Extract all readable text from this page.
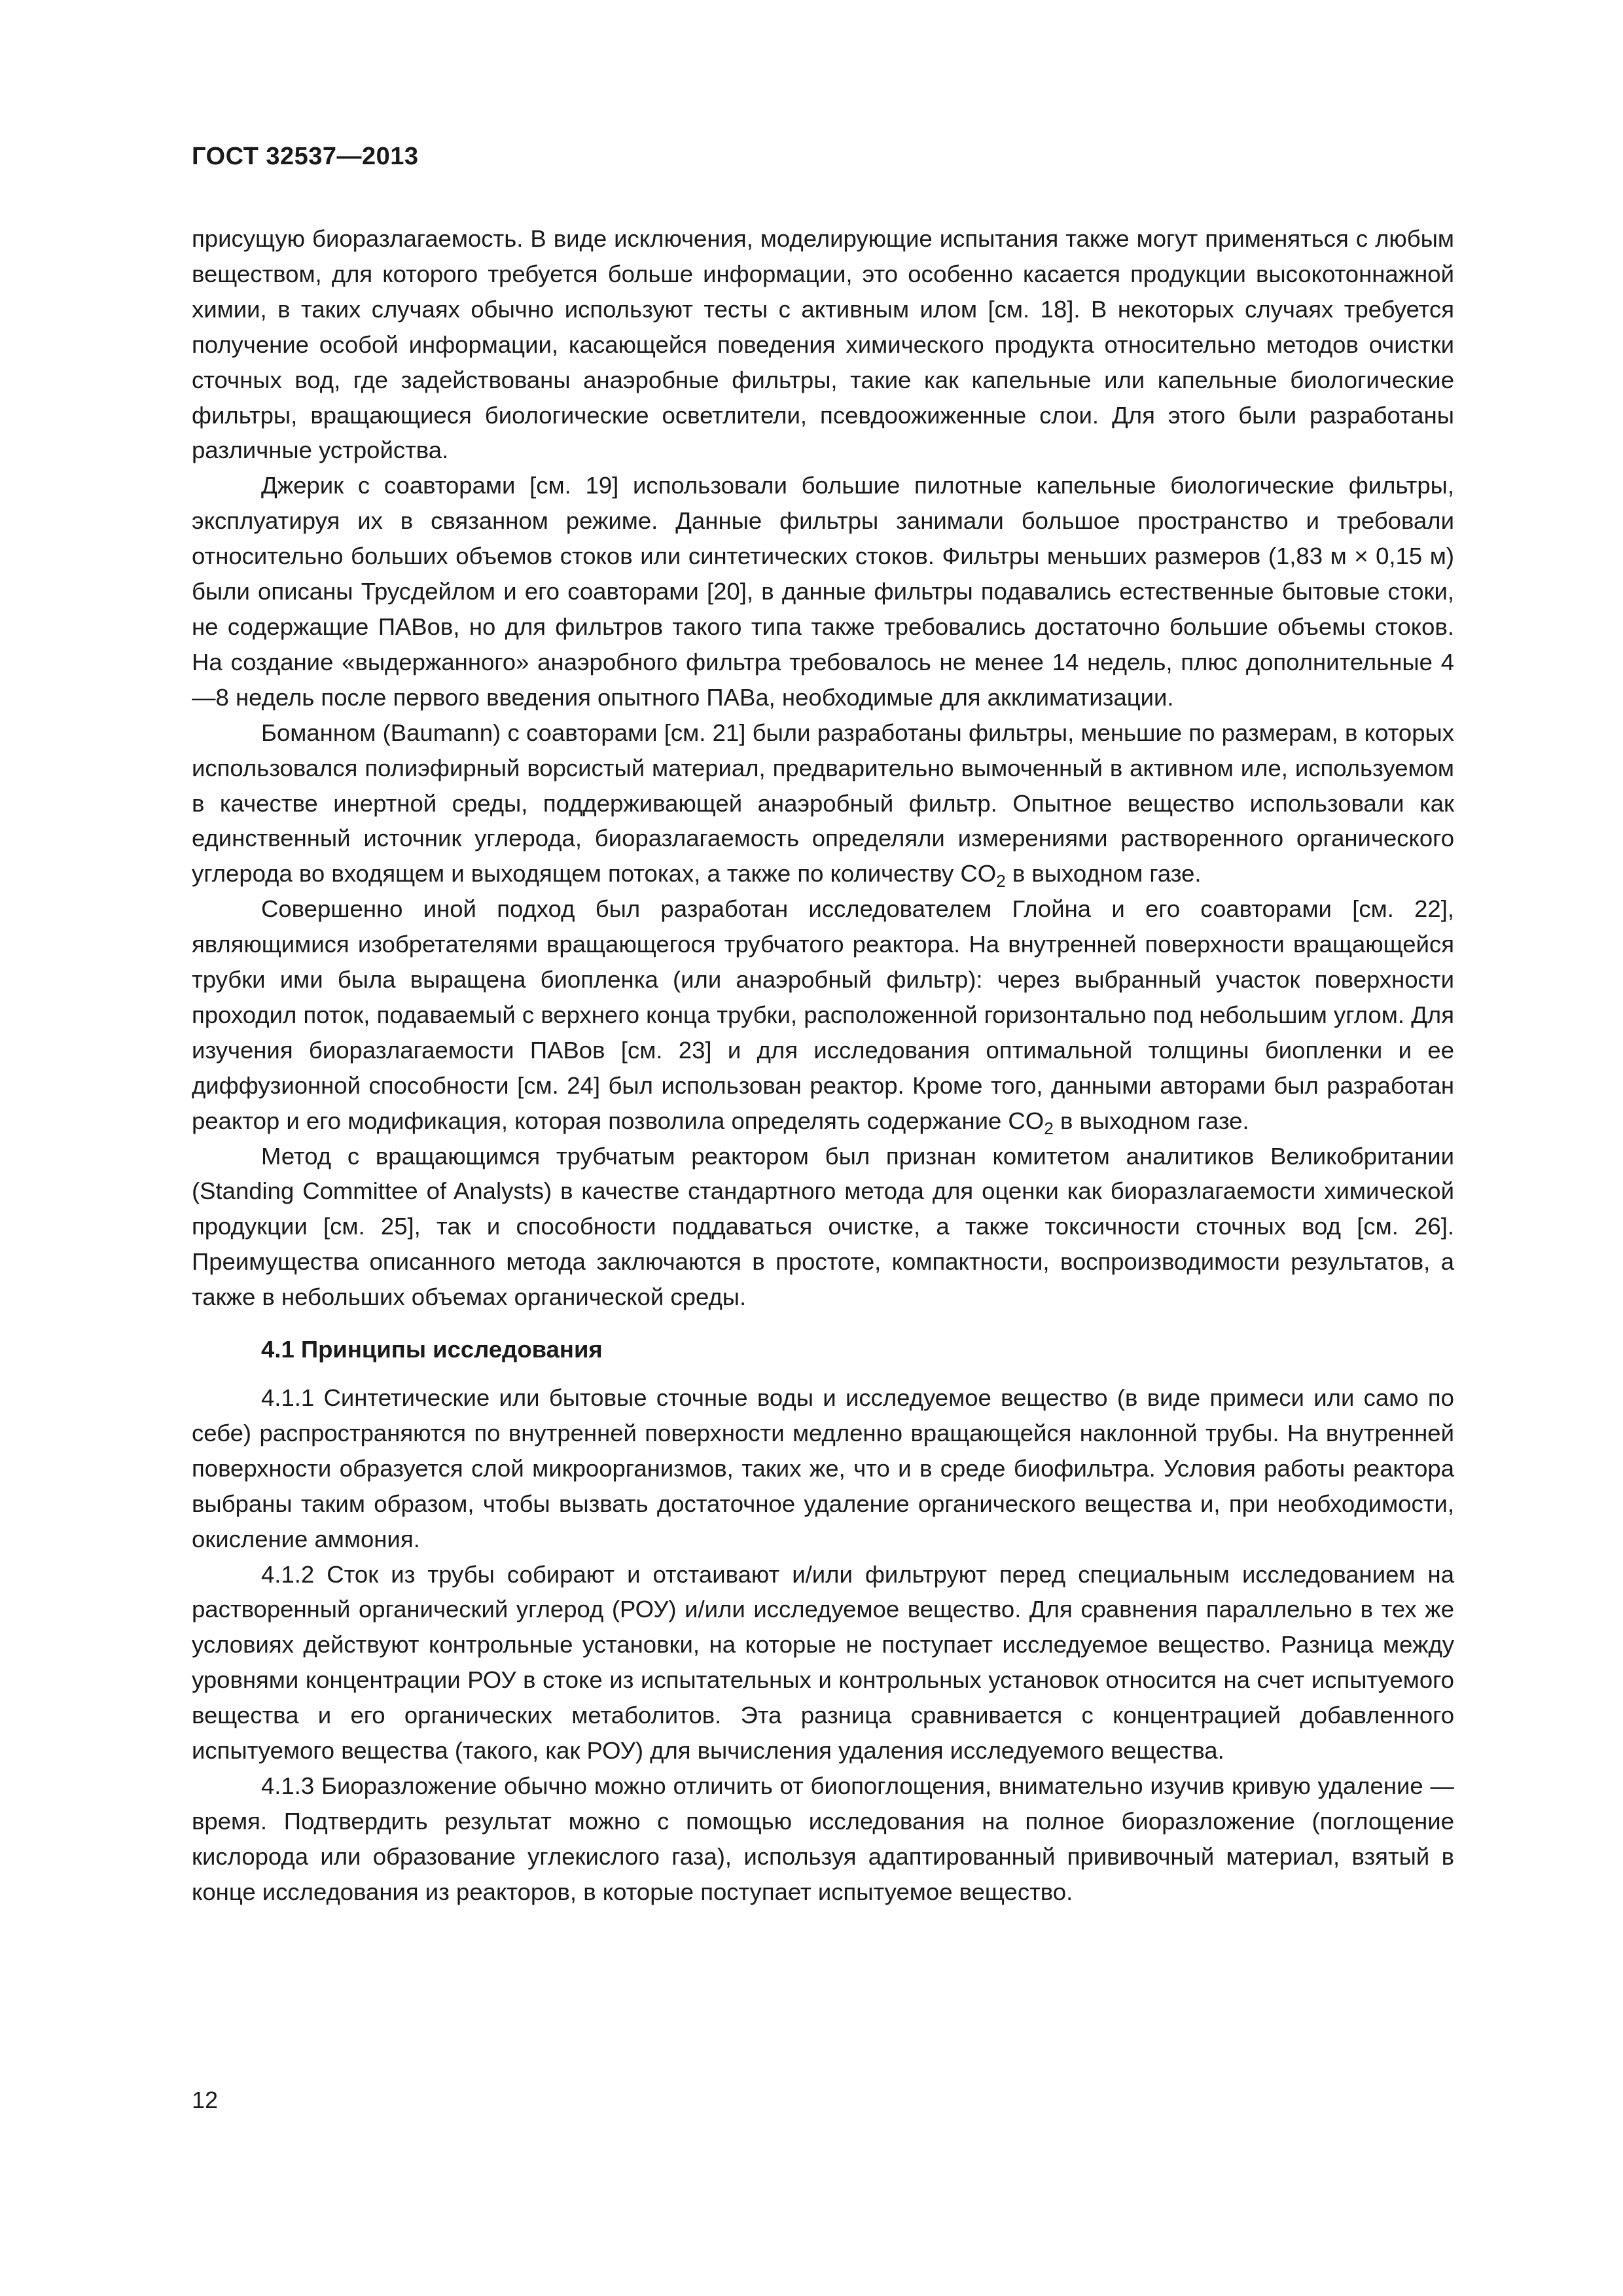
ГОСТ 32537—2013

присущую биоразлагаемость. В виде исключения, моделирующие испытания также могут применяться с любым веществом, для которого требуется больше информации, это особенно касается продукции высокотоннажной химии, в таких случаях обычно используют тесты с активным илом [см. 18]. В некоторых случаях требуется получение особой информации, касающейся поведения химического продукта относительно методов очистки сточных вод, где задействованы анаэробные фильтры, такие как капельные или капельные биологические фильтры, вращающиеся биологические осветлители, псевдоожиженные слои. Для этого были разработаны различные устройства.

Джерик с соавторами [см. 19] использовали большие пилотные капельные биологические фильтры, эксплуатируя их в связанном режиме. Данные фильтры занимали большое пространство и требовали относительно больших объемов стоков или синтетических стоков. Фильтры меньших размеров (1,83 м × 0,15 м) были описаны Трусдейлом и его соавторами [20], в данные фильтры подавались естественные бытовые стоки, не содержащие ПАВов, но для фильтров такого типа также требовались достаточно большие объемы стоков. На создание «выдержанного» анаэробного фильтра требовалось не менее 14 недель, плюс дополнительные 4—8 недель после первого введения опытного ПАВа, необходимые для акклиматизации.

Боманном (Baumann) с соавторами [см. 21] были разработаны фильтры, меньшие по размерам, в которых использовался полиэфирный ворсистый материал, предварительно вымоченный в активном иле, используемом в качестве инертной среды, поддерживающей анаэробный фильтр. Опытное вещество использовали как единственный источник углерода, биоразлагаемость определяли измерениями растворенного органического углерода во входящем и выходящем потоках, а также по количеству $CO_2$ в выходном газе.

Совершенно иной подход был разработан исследователем Глойна и его соавторами [см. 22], являющимися изобретателями вращающегося трубчатого реактора. На внутренней поверхности вращающейся трубки ими была выращена биопленка (или анаэробный фильтр): через выбранный участок поверхности проходил поток, подаваемый с верхнего конца трубки, расположенной горизонтально под небольшим углом. Для изучения биоразлагаемости ПАВов [см. 23] и для исследования оптимальной толщины биопленки и ее диффузионной способности [см. 24] был использован реактор. Кроме того, данными авторами был разработан реактор и его модификация, которая позволила определять содержание $CO_2$ в выходном газе.

Метод с вращающимся трубчатым реактором был признан комитетом аналитиков Великобритании (Standing Committee of Analysts) в качестве стандартного метода для оценки как биоразлагаемости химической продукции [см. 25], так и способности поддаваться очистке, а также токсичности сточных вод [см. 26]. Преимущества описанного метода заключаются в простоте, компактности, воспроизводимости результатов, а также в небольших объемах органической среды.

4.1 Принципы исследования

4.1.1 Синтетические или бытовые сточные воды и исследуемое вещество (в виде примеси или само по себе) распространяются по внутренней поверхности медленно вращающейся наклонной трубы. На внутренней поверхности образуется слой микроорганизмов, таких же, что и в среде биофильтра. Условия работы реактора выбраны таким образом, чтобы вызвать достаточное удаление органического вещества и, при необходимости, окисление аммония.

4.1.2 Сток из трубы собирают и отстаивают и/или фильтруют перед специальным исследованием на растворенный органический углерод (РОУ) и/или исследуемое вещество. Для сравнения параллельно в тех же условиях действуют контрольные установки, на которые не поступает исследуемое вещество. Разница между уровнями концентрации РОУ в стоке из испытательных и контрольных установок относится на счет испытуемого вещества и его органических метаболитов. Эта разница сравнивается с концентрацией добавленного испытуемого вещества (такого, как РОУ) для вычисления удаления исследуемого вещества.

4.1.3 Биоразложение обычно можно отличить от биопоглощения, внимательно изучив кривую удаление — время. Подтвердить результат можно с помощью исследования на полное биоразложение (поглощение кислорода или образование углекислого газа), используя адаптированный прививочный материал, взятый в конце исследования из реакторов, в которые поступает испытуемое вещество.

12
